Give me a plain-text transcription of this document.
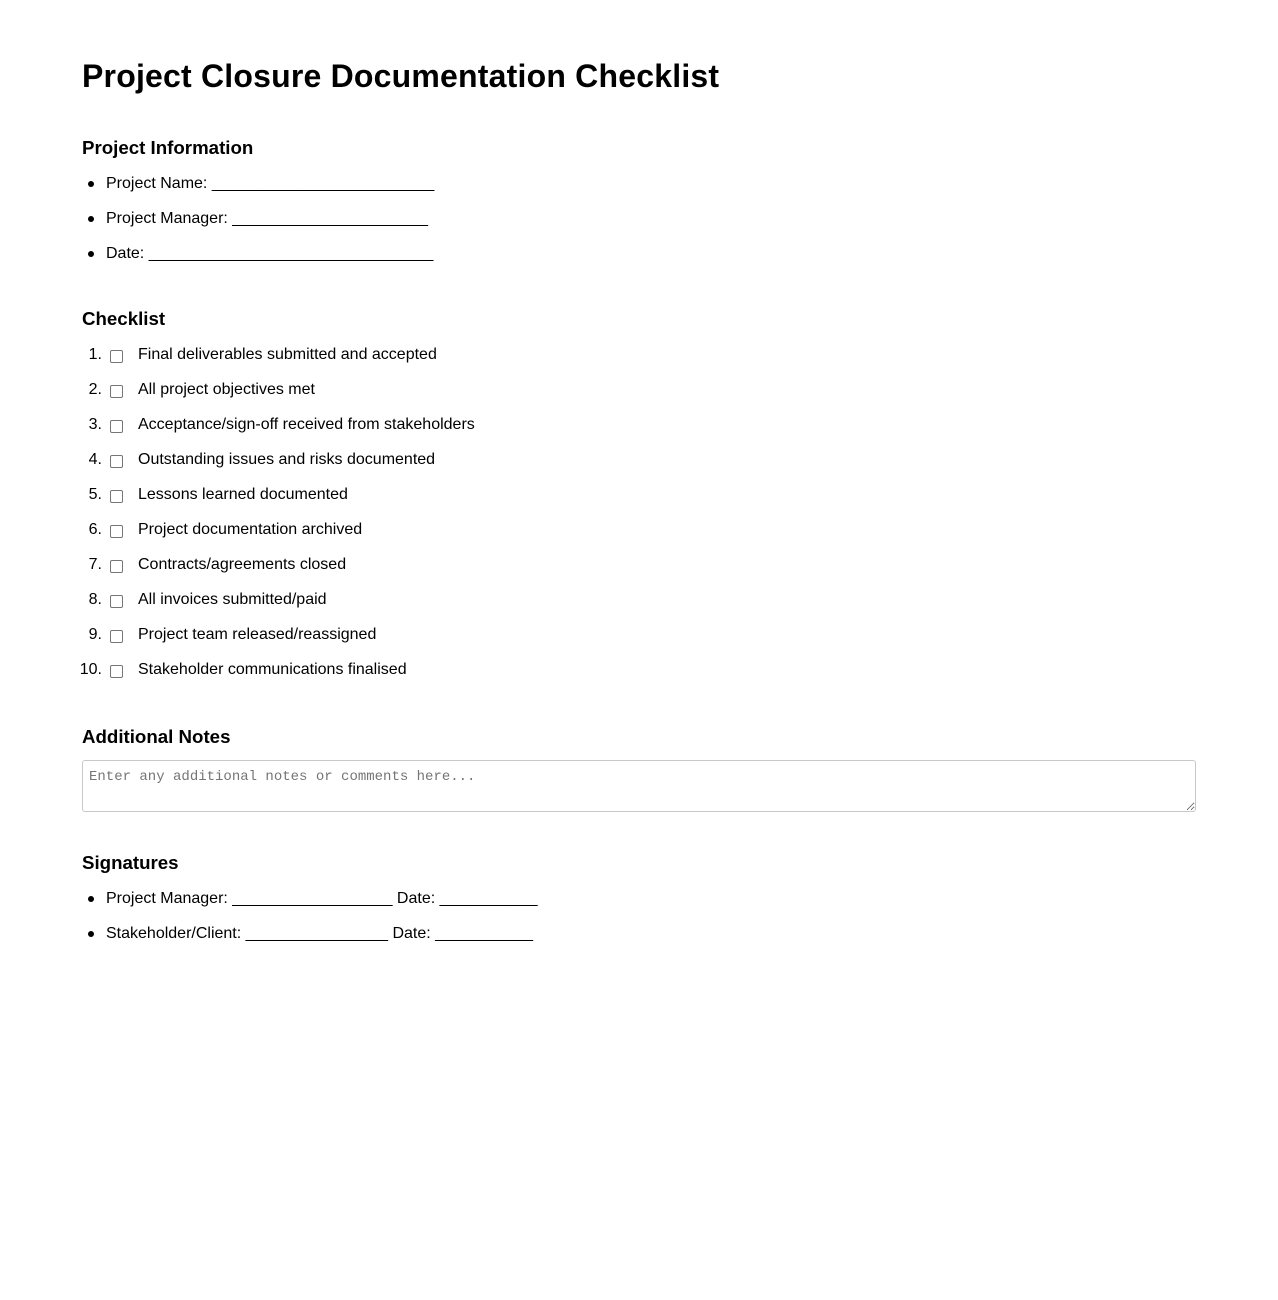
Project Closure Documentation Checklist
Project Information
Project Name: _________________________
Project Manager: ______________________
Date: ________________________________
Checklist
1. Final deliverables submitted and accepted
2. All project objectives met
3. Acceptance/sign-off received from stakeholders
4. Outstanding issues and risks documented
5. Lessons learned documented
6. Project documentation archived
7. Contracts/agreements closed
8. All invoices submitted/paid
9. Project team released/reassigned
10. Stakeholder communications finalised
Additional Notes
Enter any additional notes or comments here...
Signatures
Project Manager: __________________ Date: ___________
Stakeholder/Client: ________________ Date: ___________
